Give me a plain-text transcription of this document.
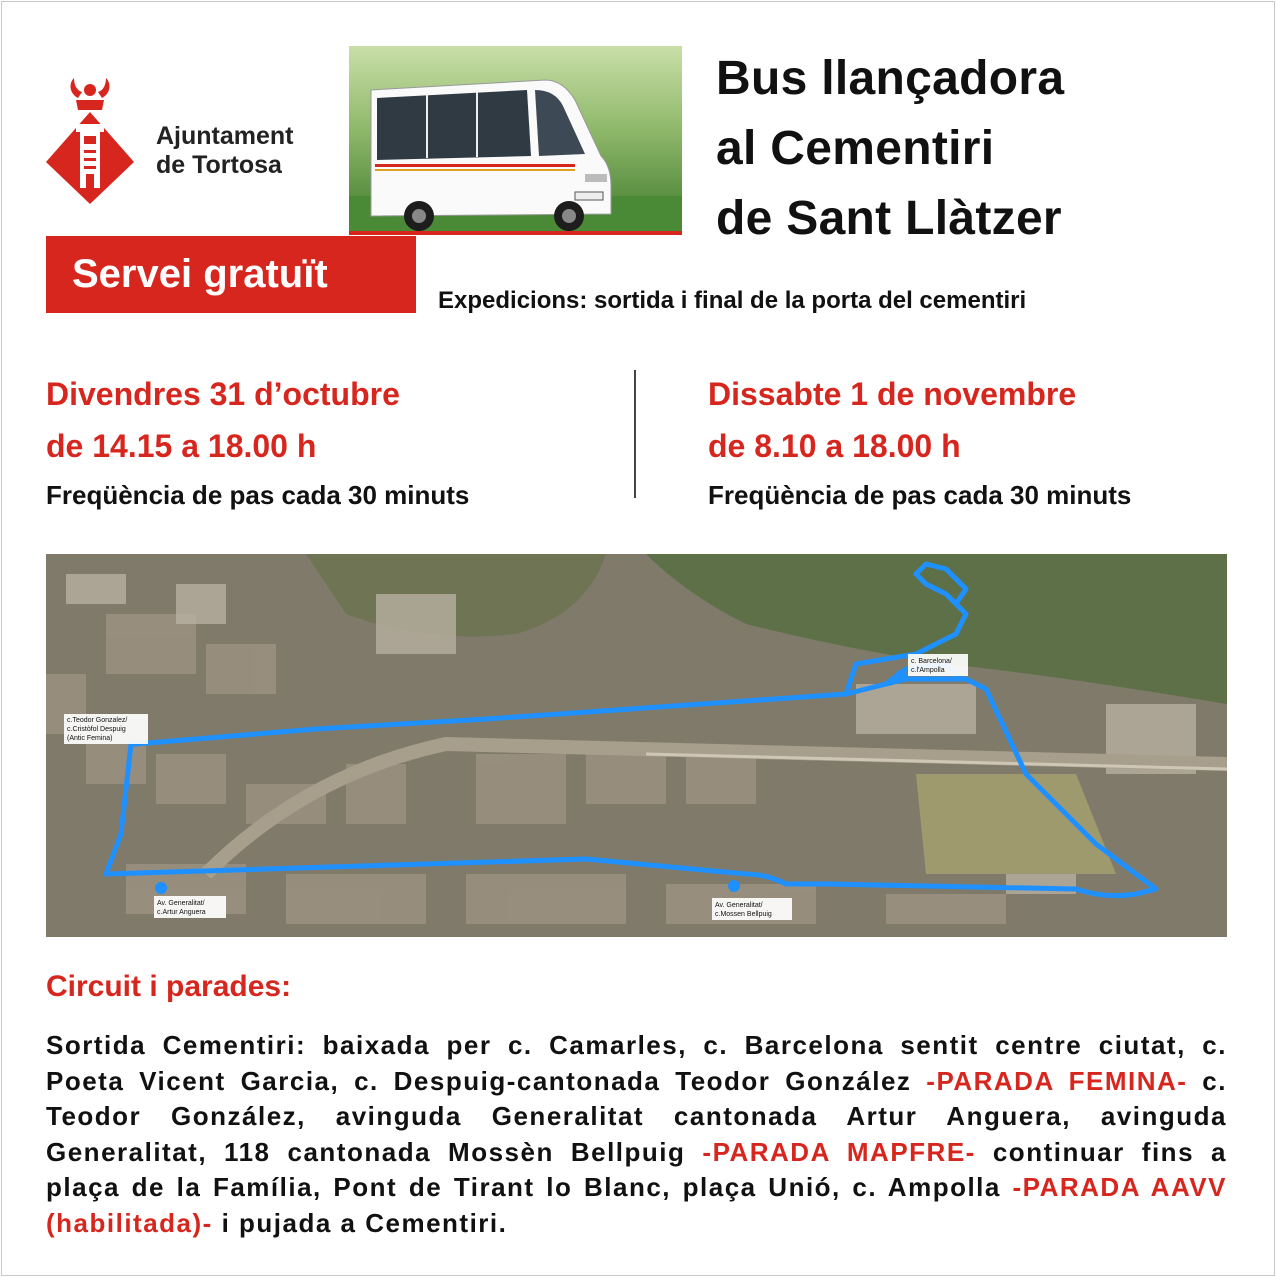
Ajuntament
de Tortosa
Bus llançadora
al Cementiri
de Sant Llàtzer
Servei gratuït
Expedicions: sortida i final de la porta del cementiri
Divendres 31 d’octubre
de 14.15 a 18.00 h
Freqüència de pas cada 30 minuts
Dissabte 1 de novembre
de 8.10 a 18.00 h
Freqüència de pas cada 30 minuts
c.Teodor Gonzalez/
c.Cristòfol Despuig
(Antic Femina)
c. Barcelona/
c.l'Ampolla
Av. Generalitat/
c.Artur Anguera
Av. Generalitat/
c.Mossen Bellpuig
Circuit i parades:
Sortida Cementiri: baixada per c. Camarles, c. Barcelona sentit centre ciutat, c. Poeta Vicent Garcia, c. Despuig-cantonada Teodor González -PARADA FEMINA- c. Teodor González, avinguda Generalitat cantonada Artur Anguera, avinguda Generalitat, 118 cantonada Mossèn Bellpuig -PARADA MAPFRE- continuar fins a plaça de la Família, Pont de Tirant lo Blanc, plaça Unió, c. Ampolla -PARADA AAVV (habilitada)- i pujada a Cementiri.
